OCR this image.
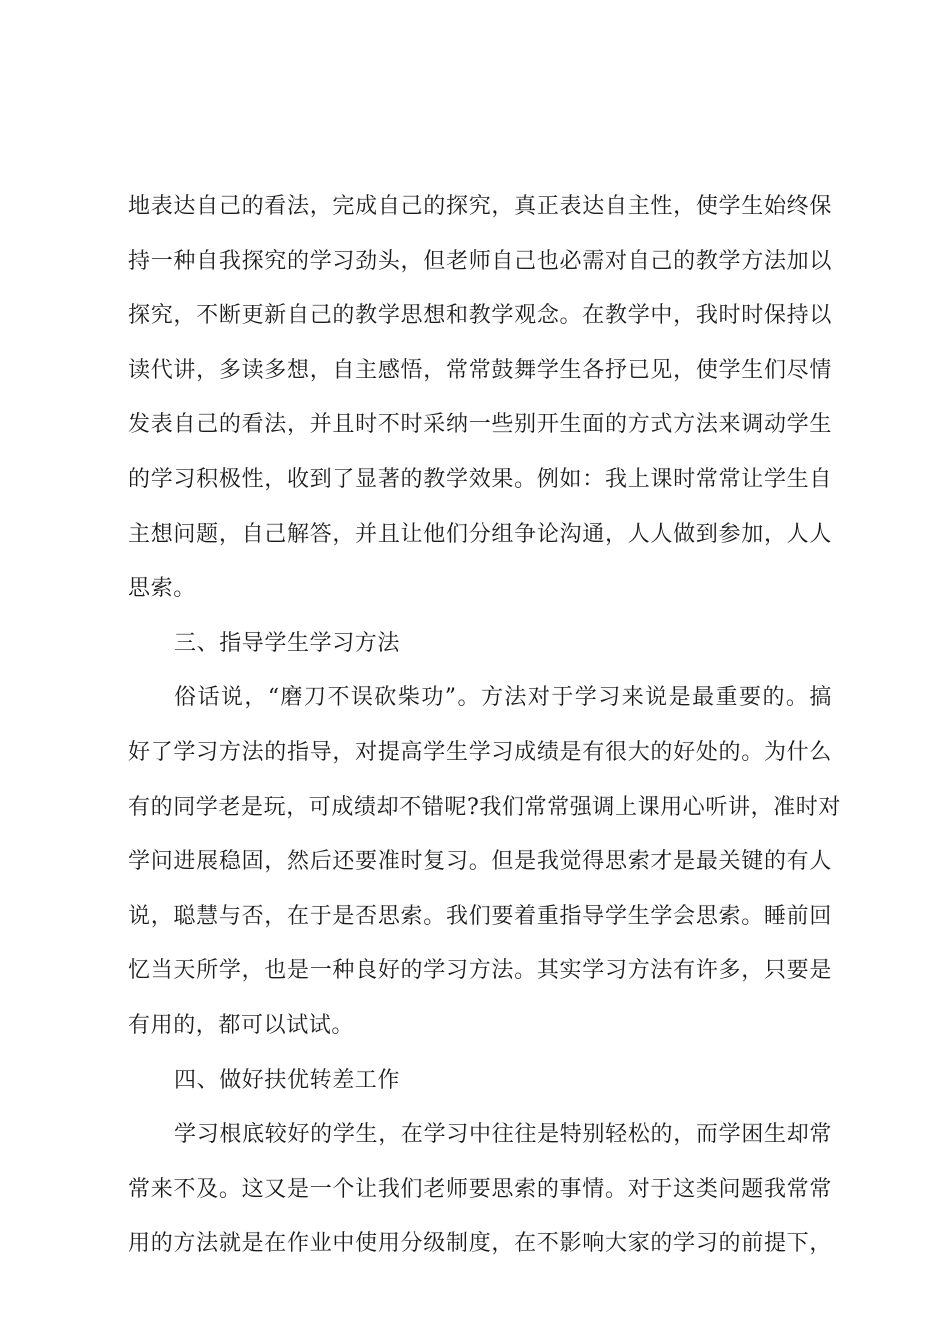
地表达自己的看法，完成自己的探究，真正表达自主性，使学生始终保
持一种自我探究的学习劲头，但老师自己也必需对自己的教学方法加以
探究，不断更新自己的教学思想和教学观念。在教学中，我时时保持以
读代讲，多读多想，自主感悟，常常鼓舞学生各抒已见，使学生们尽情
发表自己的看法，并且时不时采纳一些别开生面的方式方法来调动学生
的学习积极性，收到了显著的教学效果。例如：我上课时常常让学生自
主想问题，自己解答，并且让他们分组争论沟通，人人做到参加，人人
思索。
三、指导学生学习方法
俗话说，“磨刀不误砍柴功”。方法对于学习来说是最重要的。搞
好了学习方法的指导，对提高学生学习成绩是有很大的好处的。为什么
有的同学老是玩，可成绩却不错呢?我们常常强调上课用心听讲，准时对
学问进展稳固，然后还要准时复习。但是我觉得思索才是最关键的有人
说，聪慧与否，在于是否思索。我们要着重指导学生学会思索。睡前回
忆当天所学，也是一种良好的学习方法。其实学习方法有许多，只要是
有用的，都可以试试。
四、做好扶优转差工作
学习根底较好的学生，在学习中往往是特别轻松的，而学困生却常
常来不及。这又是一个让我们老师要思索的事情。对于这类问题我常常
用的方法就是在作业中使用分级制度，在不影响大家的学习的前提下，
